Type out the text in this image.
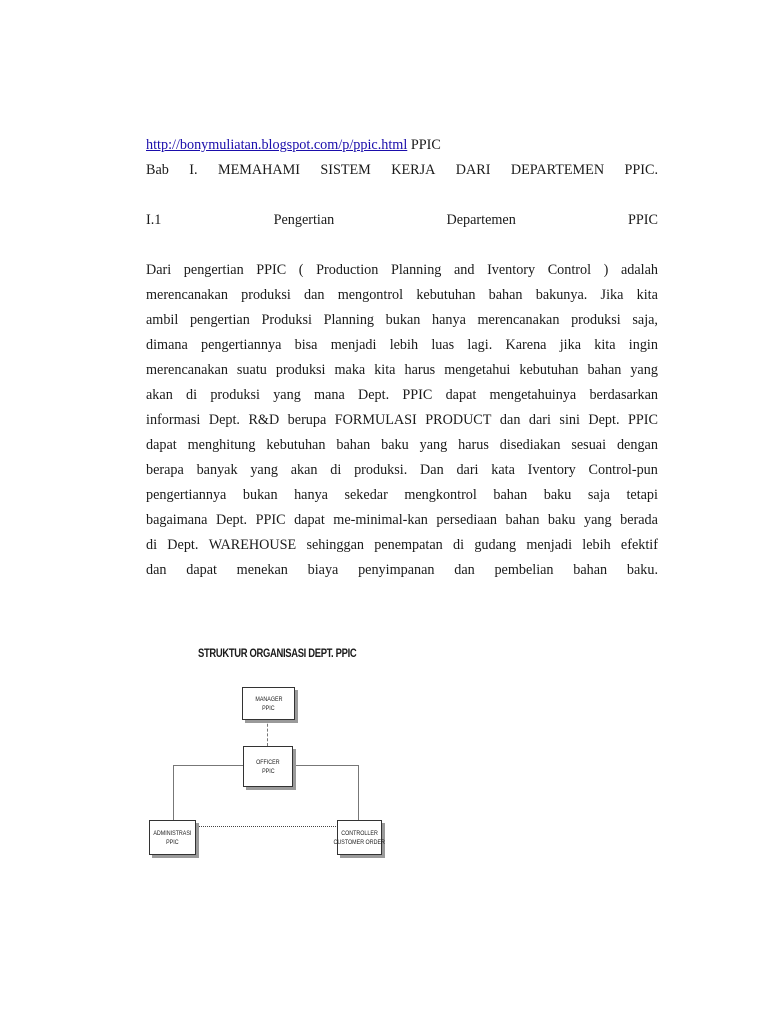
http://bonymuliatan.blogspot.com/p/ppic.html PPIC
Bab I. MEMAHAMI SISTEM KERJA DARI DEPARTEMEN PPIC.
I.1	Pengertian	Departemen	PPIC
Dari pengertian PPIC ( Production Planning and Iventory Control ) adalah
merencanakan produksi dan mengontrol kebutuhan bahan bakunya. Jika kita
ambil pengertian Produksi Planning bukan hanya merencanakan produksi saja,
dimana pengertiannya bisa menjadi lebih luas lagi. Karena jika kita ingin
merencanakan suatu produksi maka kita harus mengetahui kebutuhan bahan yang
akan di produksi yang mana Dept. PPIC dapat mengetahuinya berdasarkan
informasi Dept. R&D berupa FORMULASI PRODUCT dan dari sini Dept. PPIC
dapat menghitung kebutuhan bahan baku yang harus disediakan sesuai dengan
berapa banyak yang akan di produksi. Dan dari kata Iventory Control-pun
pengertiannya bukan hanya sekedar mengkontrol bahan baku saja tetapi
bagaimana Dept. PPIC dapat me-minimal-kan persediaan bahan baku yang berada
di Dept. WAREHOUSE sehinggan penempatan di gudang menjadi lebih efektif
dan dapat menekan biaya penyimpanan dan pembelian bahan baku.
STRUKTUR ORGANISASI DEPT. PPIC
MANAGER
PPIC
OFFICER
PPIC
ADMINISTRASI
PPIC
CONTROLLER
CUSTOMER ORDER
